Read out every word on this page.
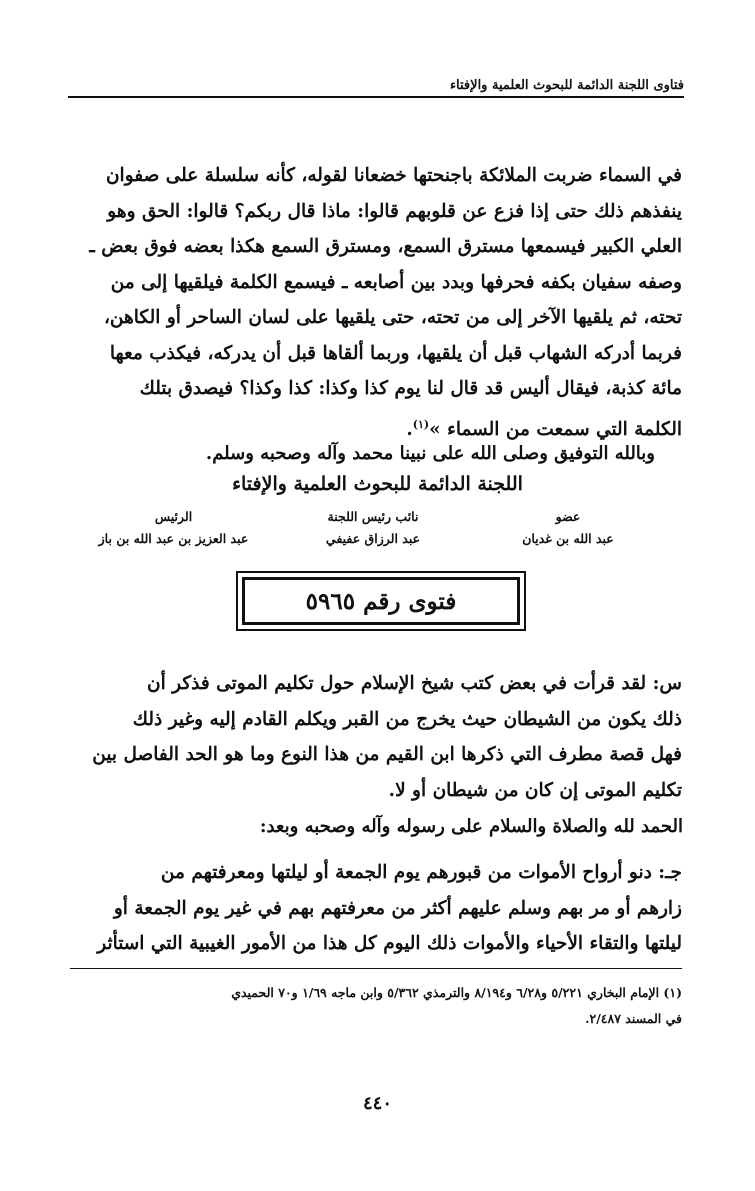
فتاوى اللجنة الدائمة للبحوث العلمية والإفتاء
في السماء ضربت الملائكة باجنحتها خضعانا لقوله، كأنه سلسلة على صفوان
ينفذهم ذلك حتى إذا فزع عن قلوبهم قالوا: ماذا قال ربكم؟ قالوا: الحق وهو
العلي الكبير فيسمعها مسترق السمع، ومسترق السمع هكذا بعضه فوق بعض ـ
وصفه سفيان بكفه فحرفها وبدد بين أصابعه ـ فيسمع الكلمة فيلقيها إلى من
تحته، ثم يلقيها الآخر إلى من تحته، حتى يلقيها على لسان الساحر أو الكاهن،
فربما أدركه الشهاب قبل أن يلقيها، وربما ألقاها قبل أن يدركه، فيكذب معها
مائة كذبة، فيقال أليس قد قال لنا يوم كذا وكذا: كذا وكذا؟ فيصدق بتلك
الكلمة التي سمعت من السماء »$^{(١)}$.
وبالله التوفيق وصلى الله على نبينا محمد وآله وصحبه وسلم.
اللجنة الدائمة للبحوث العلمية والإفتاء
عضو
عبد الله بن غديان
نائب رئيس اللجنة
عبد الرزاق عفيفي
الرئيس
عبد العزيز بن عبد الله بن باز
فتوى رقم ٥٩٦٥
س: لقد قرأت في بعض كتب شيخ الإسلام حول تكليم الموتى فذكر أن
ذلك يكون من الشيطان حيث يخرج من القبر ويكلم القادم إليه وغير ذلك
فهل قصة مطرف التي ذكرها ابن القيم من هذا النوع وما هو الحد الفاصل بين
تكليم الموتى إن كان من شيطان أو لا.
الحمد لله والصلاة والسلام على رسوله وآله وصحبه وبعد:
جـ: دنو أرواح الأموات من قبورهم يوم الجمعة أو ليلتها ومعرفتهم من
زارهم أو مر بهم وسلم عليهم أكثر من معرفتهم بهم في غير يوم الجمعة أو
ليلتها والتقاء الأحياء والأموات ذلك اليوم كل هذا من الأمور الغيبية التي استأثر
(١) الإمام البخاري ٥/٢٢١ و٦/٢٨ و٨/١٩٤ والترمذي ٥/٣٦٢ وابن ماجه ١/٦٩ و٧٠ الحميدي
في المسند ٢/٤٨٧.
٤٤٠
